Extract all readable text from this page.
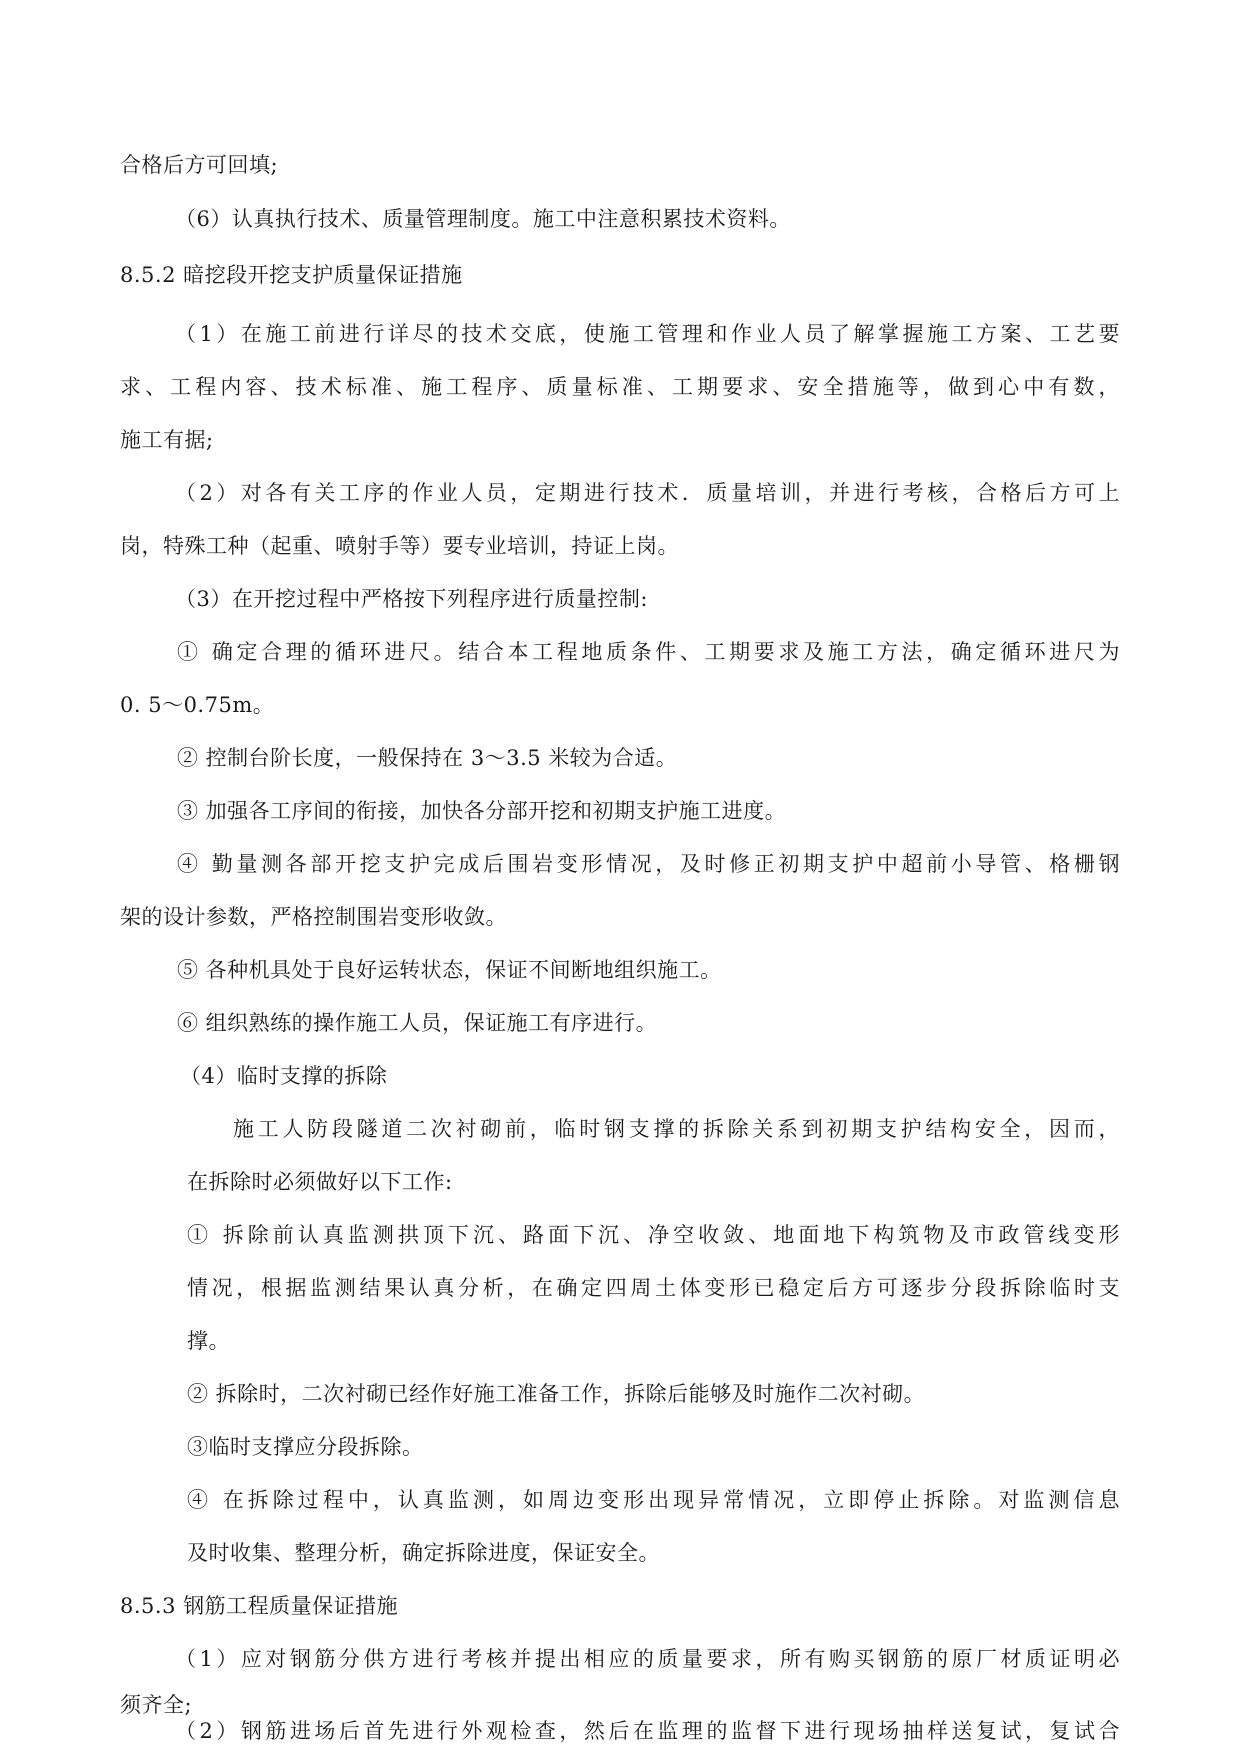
合格后方可回填;
（6）认真执行技术、质量管理制度。施工中注意积累技术资料。
8.5.2 暗挖段开挖支护质量保证措施
（1）在施工前进行详尽的技术交底，使施工管理和作业人员了解掌握施工方案、工艺要
求、工程内容、技术标准、施工程序、质量标准、工期要求、安全措施等，做到心中有数，
施工有据;
（2）对各有关工序的作业人员，定期进行技术．质量培训，并进行考核，合格后方可上
岗，特殊工种（起重、喷射手等）要专业培训，持证上岗。
（3）在开挖过程中严格按下列程序进行质量控制:
① 确定合理的循环进尺。结合本工程地质条件、工期要求及施工方法，确定循环进尺为
0. 5～0.75m。
② 控制台阶长度，一般保持在 3～3.5 米较为合适。
③ 加强各工序间的衔接，加快各分部开挖和初期支护施工进度。
④ 勤量测各部开挖支护完成后围岩变形情况，及时修正初期支护中超前小导管、格栅钢
架的设计参数，严格控制围岩变形收敛。
⑤ 各种机具处于良好运转状态，保证不间断地组织施工。
⑥ 组织熟练的操作施工人员，保证施工有序进行。
（4）临时支撑的拆除
施工人防段隧道二次衬砌前，临时钢支撑的拆除关系到初期支护结构安全，因而，
在拆除时必须做好以下工作:
① 拆除前认真监测拱顶下沉、路面下沉、净空收敛、地面地下构筑物及市政管线变形
情况，根据监测结果认真分析，在确定四周土体变形已稳定后方可逐步分段拆除临时支
撑。
② 拆除时，二次衬砌已经作好施工准备工作，拆除后能够及时施作二次衬砌。
③临时支撑应分段拆除。
④ 在拆除过程中，认真监测，如周边变形出现异常情况，立即停止拆除。对监测信息
及时收集、整理分析，确定拆除进度，保证安全。
8.5.3 钢筋工程质量保证措施
（1）应对钢筋分供方进行考核并提出相应的质量要求，所有购买钢筋的原厂材质证明必
须齐全;
（2）钢筋进场后首先进行外观检查，然后在监理的监督下进行现场抽样送复试，复试合
